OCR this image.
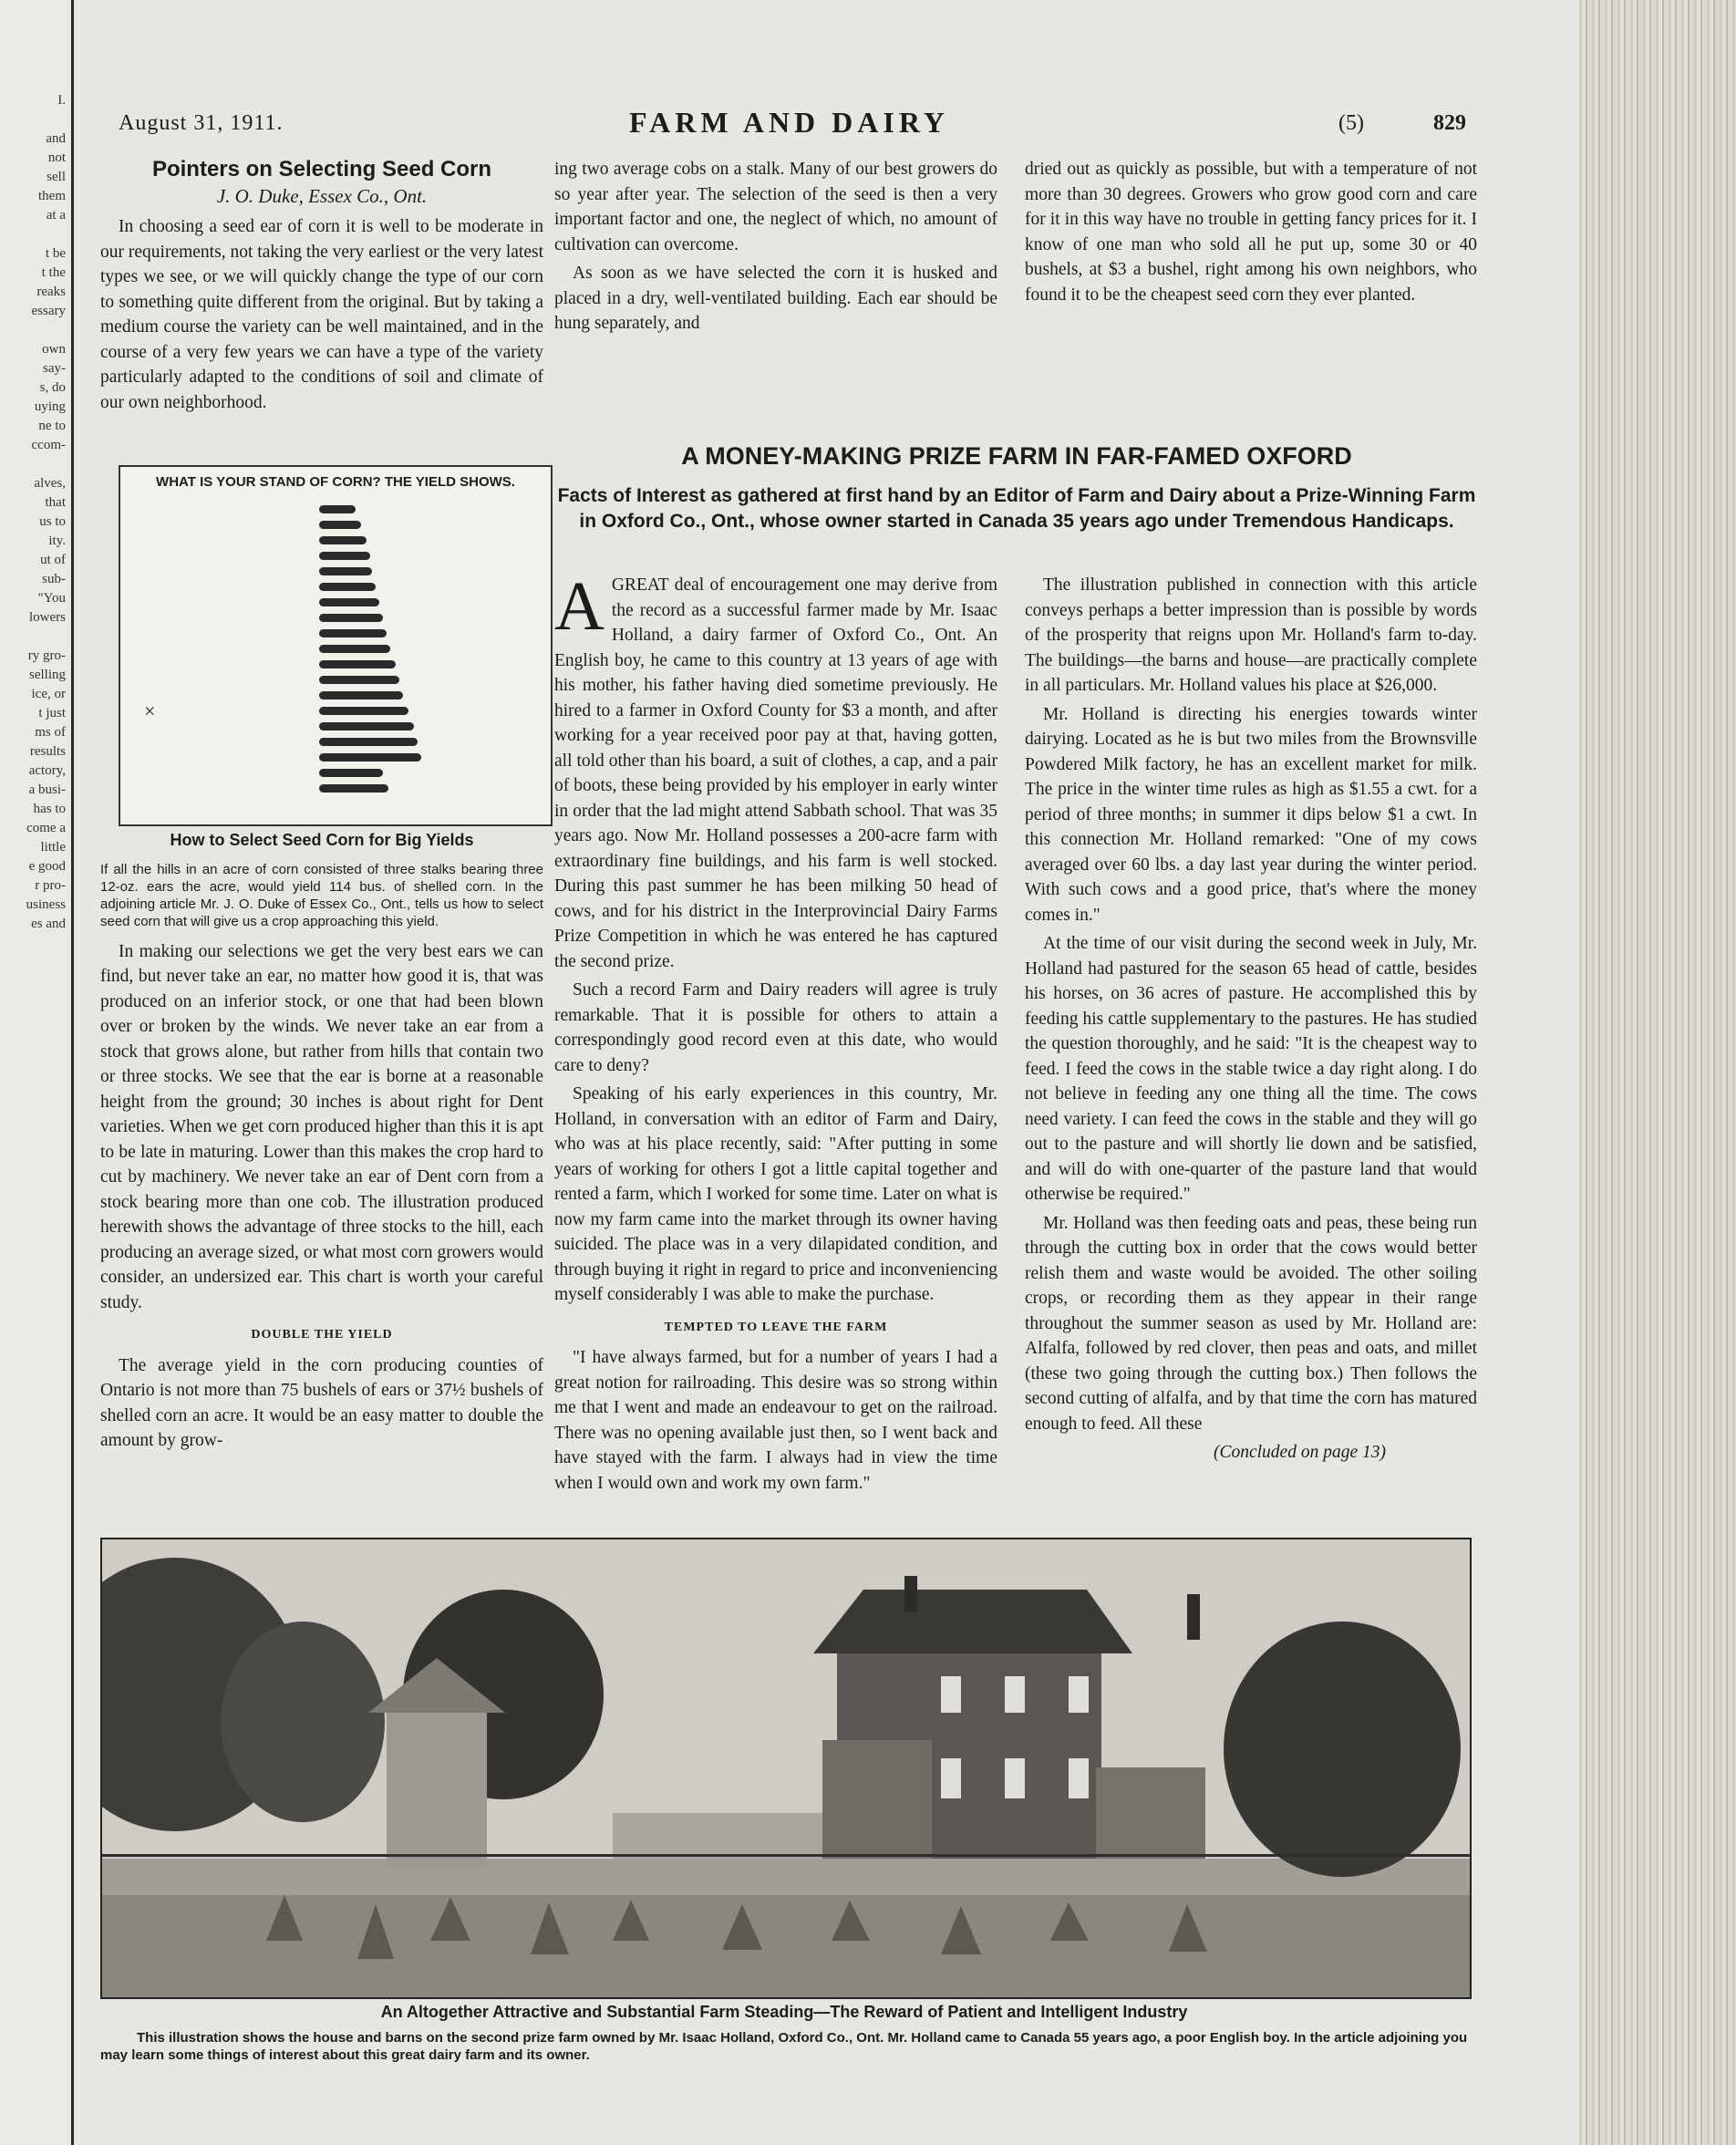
I.

and

not

sell

them

at a

t be

t the

reaks

essary

own

say-

s, do

uying

ne to

ccom-

alves,

that

us to

ity.

ut of

sub-

"You

lowers

ry gro-

selling

ice, or

t just

ms of

results

actory,

a busi-

has to

come a

little

e good

r pro-

usiness

es and

August 31, 1911.	FARM AND DAIRY	(5)	829
Pointers on Selecting Seed Corn
J. O. Duke, Essex Co., Ont.

In choosing a seed ear of corn it is well to be moderate in our requirements, not taking the very earliest or the very latest types we see, or we will quickly change the type of our corn to something quite different from the original. But by taking a medium course the variety can be well maintained, and in the course of a very few years we can have a type of the variety particularly adapted to the conditions of soil and climate of our own neighborhood.

WHAT IS YOUR STAND OF CORN? THE YIELD SHOWS.
×
How to Select Seed Corn for Big Yields
If all the hills in an acre of corn consisted of three stalks bearing three 12-oz. ears the acre, would yield 114 bus. of shelled corn. In the adjoining article Mr. J. O. Duke of Essex Co., Ont., tells us how to select seed corn that will give us a crop approaching this yield.

In making our selections we get the very best ears we can find, but never take an ear, no matter how good it is, that was produced on an inferior stock, or one that had been blown over or broken by the winds. We never take an ear from a stock that grows alone, but rather from hills that contain two or three stocks. We see that the ear is borne at a reasonable height from the ground; 30 inches is about right for Dent varieties. When we get corn produced higher than this it is apt to be late in maturing. Lower than this makes the crop hard to cut by machinery. We never take an ear of Dent corn from a stock bearing more than one cob. The illustration produced herewith shows the advantage of three stocks to the hill, each producing an average sized, or what most corn growers would consider, an undersized ear. This chart is worth your careful study.

DOUBLE THE YIELD

The average yield in the corn producing counties of Ontario is not more than 75 bushels of ears or 37½ bushels of shelled corn an acre. It would be an easy matter to double the amount by grow-

ing two average cobs on a stalk. Many of our best growers do so year after year. The selection of the seed is then a very important factor and one, the neglect of which, no amount of cultivation can overcome.

As soon as we have selected the corn it is husked and placed in a dry, well-ventilated building. Each ear should be hung separately, and

dried out as quickly as possible, but with a temperature of not more than 30 degrees. Growers who grow good corn and care for it in this way have no trouble in getting fancy prices for it. I know of one man who sold all he put up, some 30 or 40 bushels, at $3 a bushel, right among his own neighbors, who found it to be the cheapest seed corn they ever planted.

A MONEY-MAKING PRIZE FARM IN FAR-FAMED OXFORD
Facts of Interest as gathered at first hand by an Editor of Farm and Dairy about a Prize-Winning Farm in Oxford Co., Ont., whose owner started in Canada 35 years ago under Tremendous Handicaps.

AGREAT deal of encouragement one may derive from the record as a successful farmer made by Mr. Isaac Holland, a dairy farmer of Oxford Co., Ont. An English boy, he came to this country at 13 years of age with his mother, his father having died sometime previously. He hired to a farmer in Oxford County for $3 a month, and after working for a year received poor pay at that, having gotten, all told other than his board, a suit of clothes, a cap, and a pair of boots, these being provided by his employer in early winter in order that the lad might attend Sabbath school. That was 35 years ago. Now Mr. Holland possesses a 200-acre farm with extraordinary fine buildings, and his farm is well stocked. During this past summer he has been milking 50 head of cows, and for his district in the Interprovincial Dairy Farms Prize Competition in which he was entered he has captured the second prize.

Such a record Farm and Dairy readers will agree is truly remarkable. That it is possible for others to attain a correspondingly good record even at this date, who would care to deny?

Speaking of his early experiences in this country, Mr. Holland, in conversation with an editor of Farm and Dairy, who was at his place recently, said: "After putting in some years of working for others I got a little capital together and rented a farm, which I worked for some time. Later on what is now my farm came into the market through its owner having suicided. The place was in a very dilapidated condition, and through buying it right in regard to price and inconveniencing myself considerably I was able to make the purchase.

TEMPTED TO LEAVE THE FARM

"I have always farmed, but for a number of years I had a great notion for railroading. This desire was so strong within me that I went and made an endeavour to get on the railroad. There was no opening available just then, so I went back and have stayed with the farm. I always had in view the time when I would own and work my own farm."

The illustration published in connection with this article conveys perhaps a better impression than is possible by words of the prosperity that reigns upon Mr. Holland's farm to-day. The buildings—the barns and house—are practically complete in all particulars. Mr. Holland values his place at $26,000.

Mr. Holland is directing his energies towards winter dairying. Located as he is but two miles from the Brownsville Powdered Milk factory, he has an excellent market for milk. The price in the winter time rules as high as $1.55 a cwt. for a period of three months; in summer it dips below $1 a cwt. In this connection Mr. Holland remarked: "One of my cows averaged over 60 lbs. a day last year during the winter period. With such cows and a good price, that's where the money comes in."

At the time of our visit during the second week in July, Mr. Holland had pastured for the season 65 head of cattle, besides his horses, on 36 acres of pasture. He accomplished this by feeding his cattle supplementary to the pastures. He has studied the question thoroughly, and he said: "It is the cheapest way to feed. I feed the cows in the stable twice a day right along. I do not believe in feeding any one thing all the time. The cows need variety. I can feed the cows in the stable and they will go out to the pasture and will shortly lie down and be satisfied, and will do with one-quarter of the pasture land that would otherwise be required."

Mr. Holland was then feeding oats and peas, these being run through the cutting box in order that the cows would better relish them and waste would be avoided. The other soiling crops, or recording them as they appear in their range throughout the summer season as used by Mr. Holland are: Alfalfa, followed by red clover, then peas and oats, and millet (these two going through the cutting box.) Then follows the second cutting of alfalfa, and by that time the corn has matured enough to feed. All these

(Concluded on page 13)
An Altogether Attractive and Substantial Farm Steading—The Reward of Patient and Intelligent Industry
This illustration shows the house and barns on the second prize farm owned by Mr. Isaac Holland, Oxford Co., Ont. Mr. Holland came to Canada 55 years ago, a poor English boy. In the article adjoining you may learn some things of interest about this great dairy farm and its owner.
